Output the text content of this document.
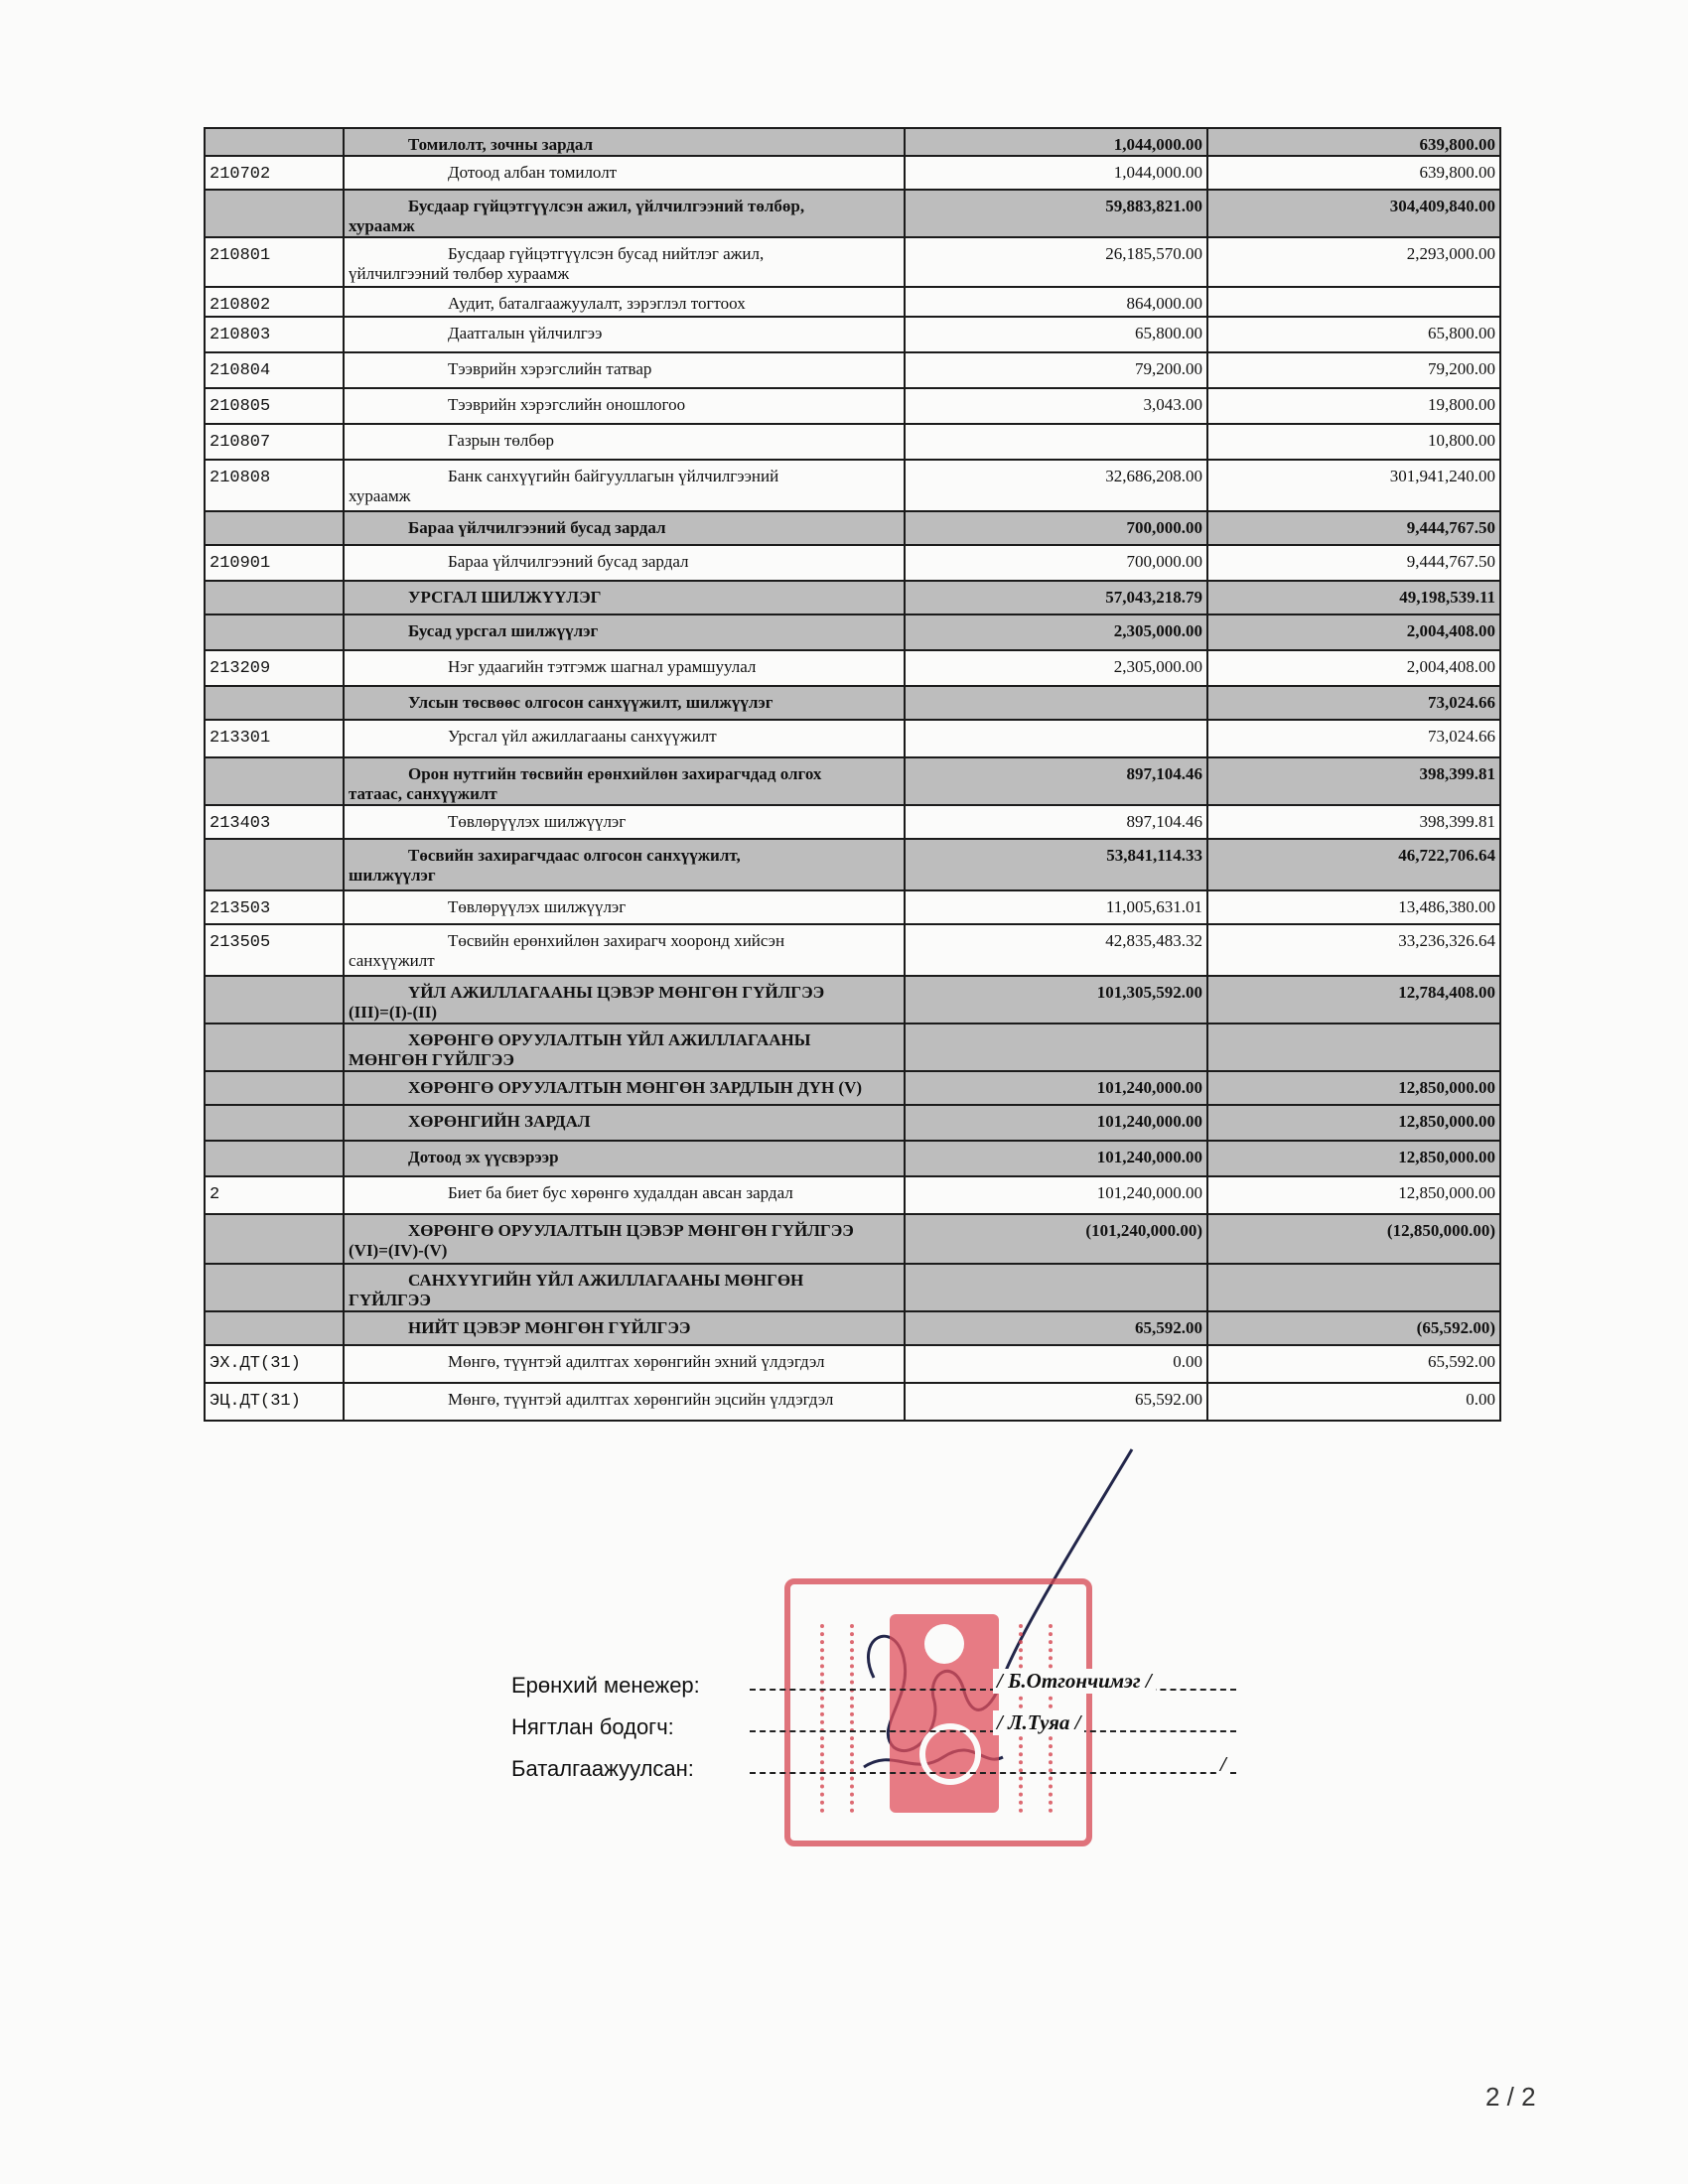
	Томилолт, зочны зардал	1,044,000.00	639,800.00
210702	Дотоод албан томилолт	1,044,000.00	639,800.00
	Бусдаар гүйцэтгүүлсэн ажил, үйлчилгээний төлбөр,
хураамж	59,883,821.00	304,409,840.00
210801	Бусдаар гүйцэтгүүлсэн бусад нийтлэг ажил,
үйлчилгээний төлбөр хураамж	26,185,570.00	2,293,000.00
210802	Аудит, баталгаажуулалт, зэрэглэл тогтоох	864,000.00	
210803	Даатгалын үйлчилгээ	65,800.00	65,800.00
210804	Тээврийн хэрэгслийн татвар	79,200.00	79,200.00
210805	Тээврийн хэрэгслийн оношлогоо	3,043.00	19,800.00
210807	Газрын төлбөр		10,800.00
210808	Банк санхүүгийн байгууллагын үйлчилгээний
хураамж	32,686,208.00	301,941,240.00
	Бараа үйлчилгээний бусад зардал	700,000.00	9,444,767.50
210901	Бараа үйлчилгээний бусад зардал	700,000.00	9,444,767.50
	УРСГАЛ ШИЛЖҮҮЛЭГ	57,043,218.79	49,198,539.11
	Бусад урсгал шилжүүлэг	2,305,000.00	2,004,408.00
213209	Нэг удаагийн тэтгэмж шагнал урамшуулал	2,305,000.00	2,004,408.00
	Улсын төсвөөс олгосон санхүүжилт, шилжүүлэг		73,024.66
213301	Урсгал үйл ажиллагааны санхүүжилт		73,024.66
	Орон нутгийн төсвийн ерөнхийлөн захирагчдад олгох
татаас, санхүүжилт	897,104.46	398,399.81
213403	Төвлөрүүлэх шилжүүлэг	897,104.46	398,399.81
	Төсвийн захирагчдаас олгосон санхүүжилт,
шилжүүлэг	53,841,114.33	46,722,706.64
213503	Төвлөрүүлэх шилжүүлэг	11,005,631.01	13,486,380.00
213505	Төсвийн ерөнхийлөн захирагч хооронд хийсэн
санхүүжилт	42,835,483.32	33,236,326.64
	ҮЙЛ АЖИЛЛАГААНЫ ЦЭВЭР МӨНГӨН ГҮЙЛГЭЭ
(III)=(I)-(II)	101,305,592.00	12,784,408.00
	ХӨРӨНГӨ ОРУУЛАЛТЫН ҮЙЛ АЖИЛЛАГААНЫ
МӨНГӨН ГҮЙЛГЭЭ		

	ХӨРӨНГӨ ОРУУЛАЛТЫН МӨНГӨН ЗАРДЛЫН ДҮН (V)	101,240,000.00	12,850,000.00
	ХӨРӨНГИЙН ЗАРДАЛ	101,240,000.00	12,850,000.00
	Дотоод эх үүсвэрээр	101,240,000.00	12,850,000.00
2	Биет ба биет бус хөрөнгө худалдан авсан зардал	101,240,000.00	12,850,000.00
	ХӨРӨНГӨ ОРУУЛАЛТЫН ЦЭВЭР МӨНГӨН ГҮЙЛГЭЭ
(VI)=(IV)-(V)	(101,240,000.00)	(12,850,000.00)
	САНХҮҮГИЙН ҮЙЛ АЖИЛЛАГААНЫ МӨНГӨН
ГҮЙЛГЭЭ		

	НИЙТ ЦЭВЭР МӨНГӨН ГҮЙЛГЭЭ	65,592.00	(65,592.00)
ЭХ.ДТ(31)	Мөнгө, түүнтэй адилтгах хөрөнгийн эхний үлдэгдэл	0.00	65,592.00
ЭЦ.ДТ(31)	Мөнгө, түүнтэй адилтгах хөрөнгийн эцсийн үлдэгдэл	65,592.00	0.00
Ерөнхий менежер:	/ Б.Отгончимэг /
Нягтлан бодогч:	/ Л.Туяа /
Баталгаажуулсан:	/
2 / 2
